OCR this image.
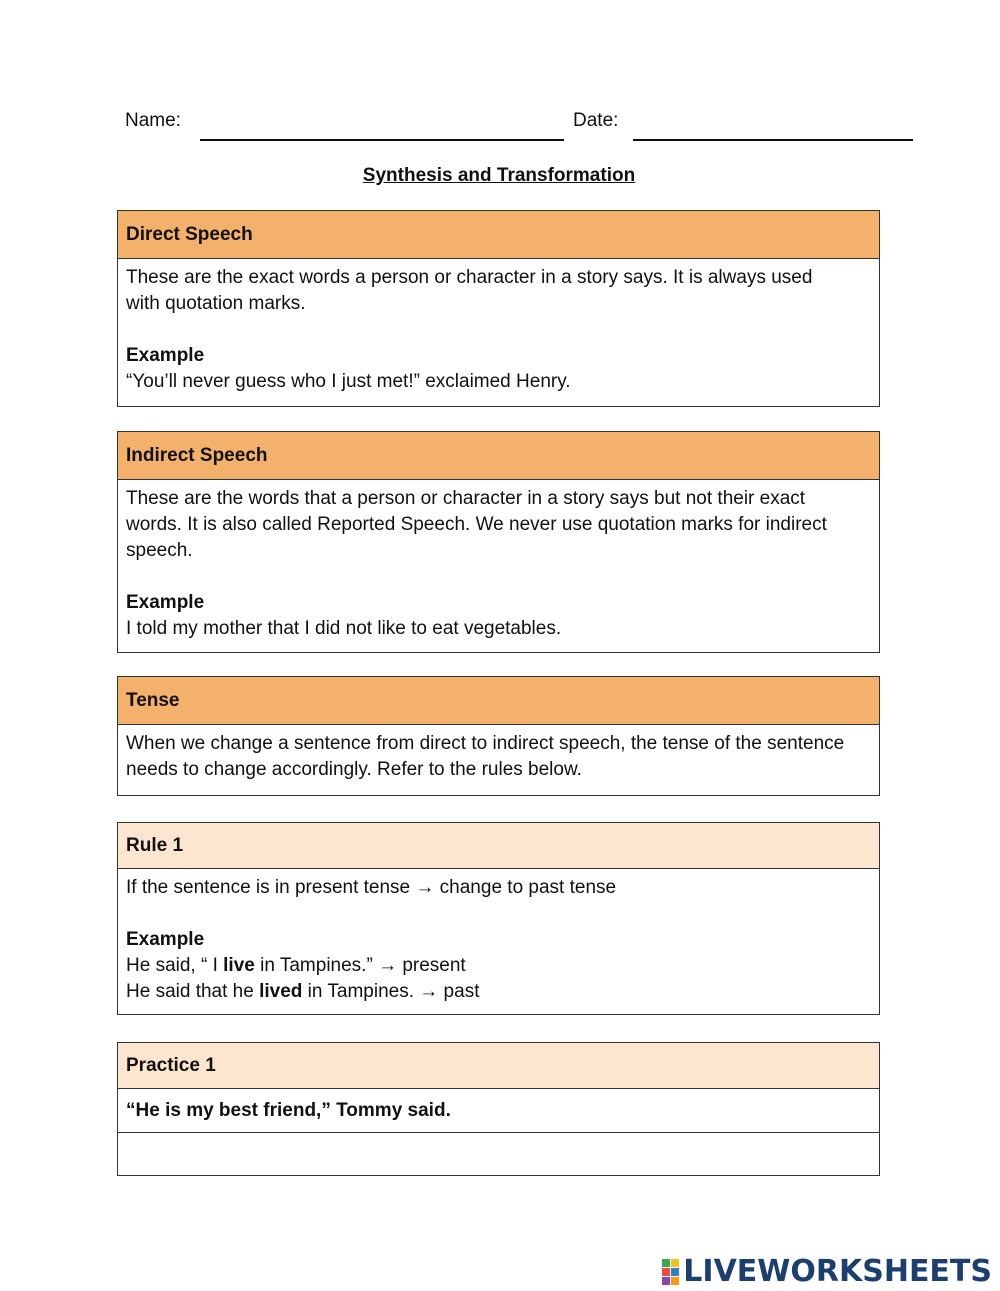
Name:	Date:
Synthesis and Transformation
Direct Speech
These are the exact words a person or character in a story says. It is always used
with quotation marks.
Example
“You’ll never guess who I just met!” exclaimed Henry.
Indirect Speech
These are the words that a person or character in a story says but not their exact
words. It is also called Reported Speech. We never use quotation marks for indirect
speech.
Example
I told my mother that I did not like to eat vegetables.
Tense
When we change a sentence from direct to indirect speech, the tense of the sentence
needs to change accordingly. Refer to the rules below.
Rule 1
If the sentence is in present tense → change to past tense
Example
He said, “ I live in Tampines.” → present
He said that he lived in Tampines. → past
Practice 1
“He is my best friend,” Tommy said.
LIVEWORKSHEETS
